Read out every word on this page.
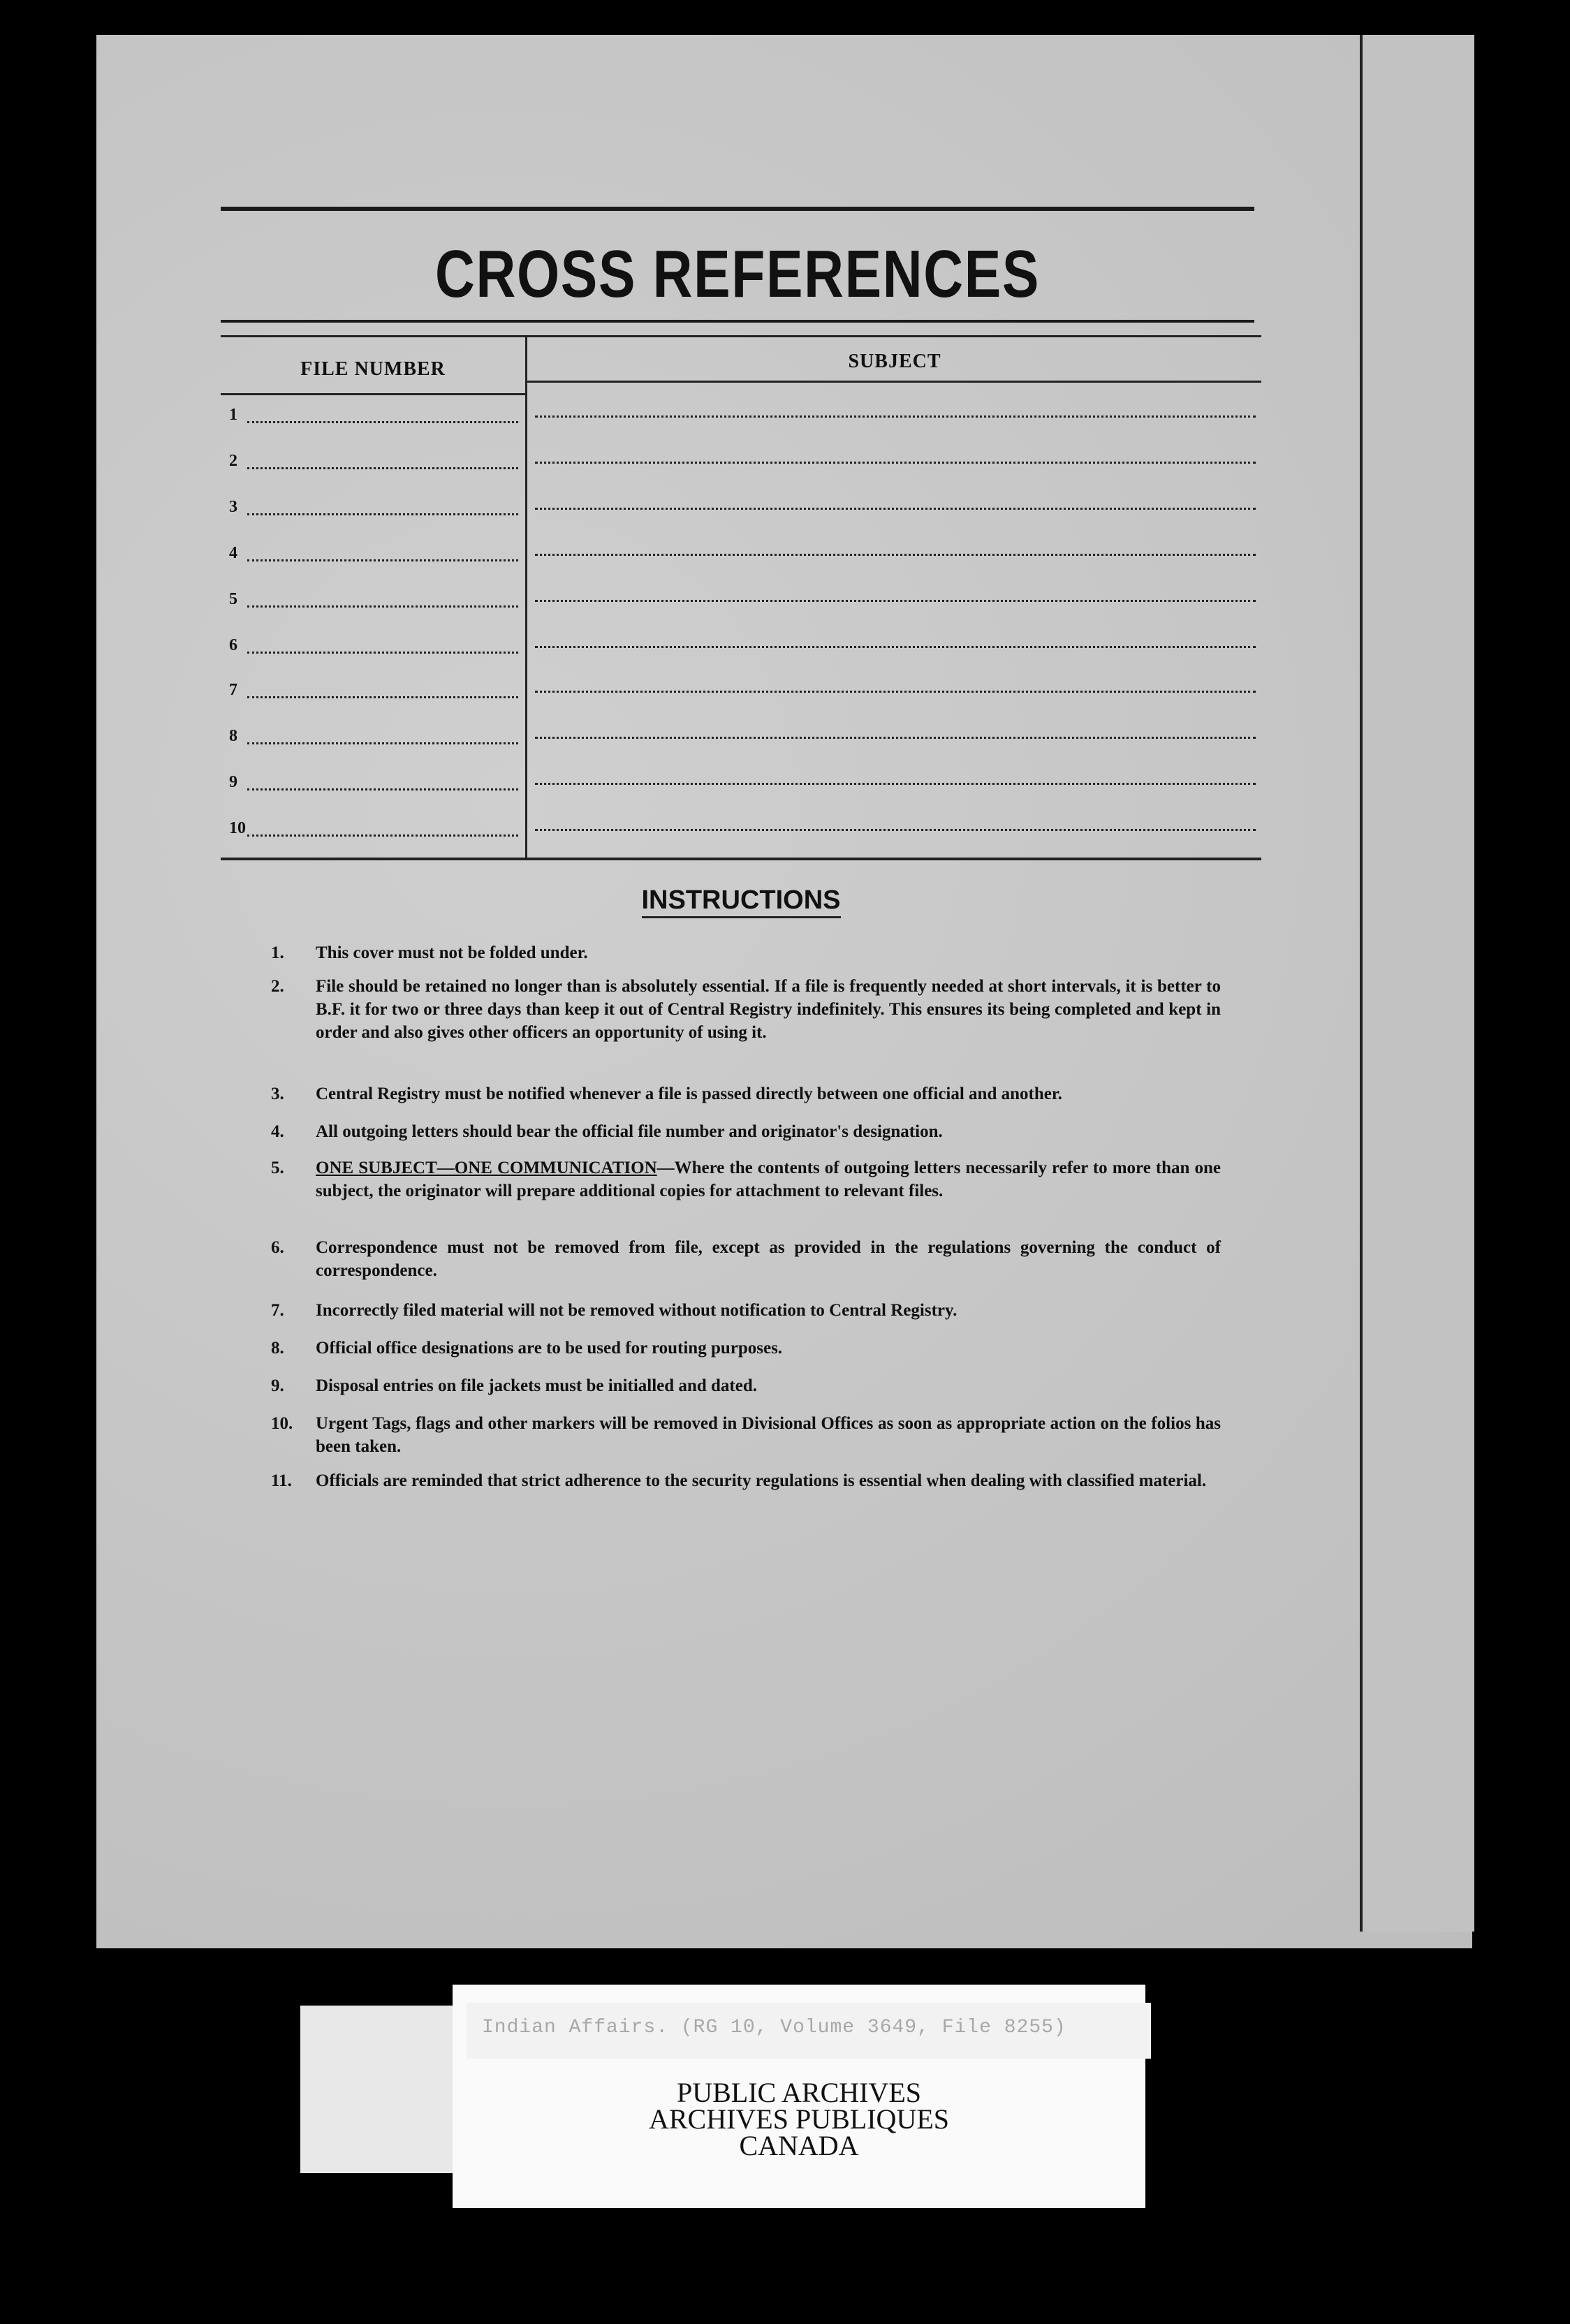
CROSS REFERENCES
FILE NUMBER	SUBJECT
1
2
3
4
5
6
7
8
9
10
INSTRUCTIONS
1.	This cover must not be folded under.
2.	File should be retained no longer than is absolutely essential. If a file is frequently needed at short intervals, it is better to B.F. it for two or three days than keep it out of Central Registry indefinitely. This ensures its being completed and kept in order and also gives other officers an opportunity of using it.
3.	Central Registry must be notified whenever a file is passed directly between one official and another.
4.	All outgoing letters should bear the official file number and originator's designation.
5.	ONE SUBJECT—ONE COMMUNICATION—Where the contents of outgoing letters necessarily refer to more than one subject, the originator will prepare additional copies for attachment to relevant files.
6.	Correspondence must not be removed from file, except as provided in the regulations governing the conduct of correspondence.
7.	Incorrectly filed material will not be removed without notification to Central Registry.
8.	Official office designations are to be used for routing purposes.
9.	Disposal entries on file jackets must be initialled and dated.
10.	Urgent Tags, flags and other markers will be removed in Divisional Offices as soon as appropriate action on the folios has been taken.
11.	Officials are reminded that strict adherence to the security regulations is essential when dealing with classified material.
Indian Affairs. (RG 10, Volume 3649, File 8255)
PUBLIC ARCHIVES
ARCHIVES PUBLIQUES
CANADA
